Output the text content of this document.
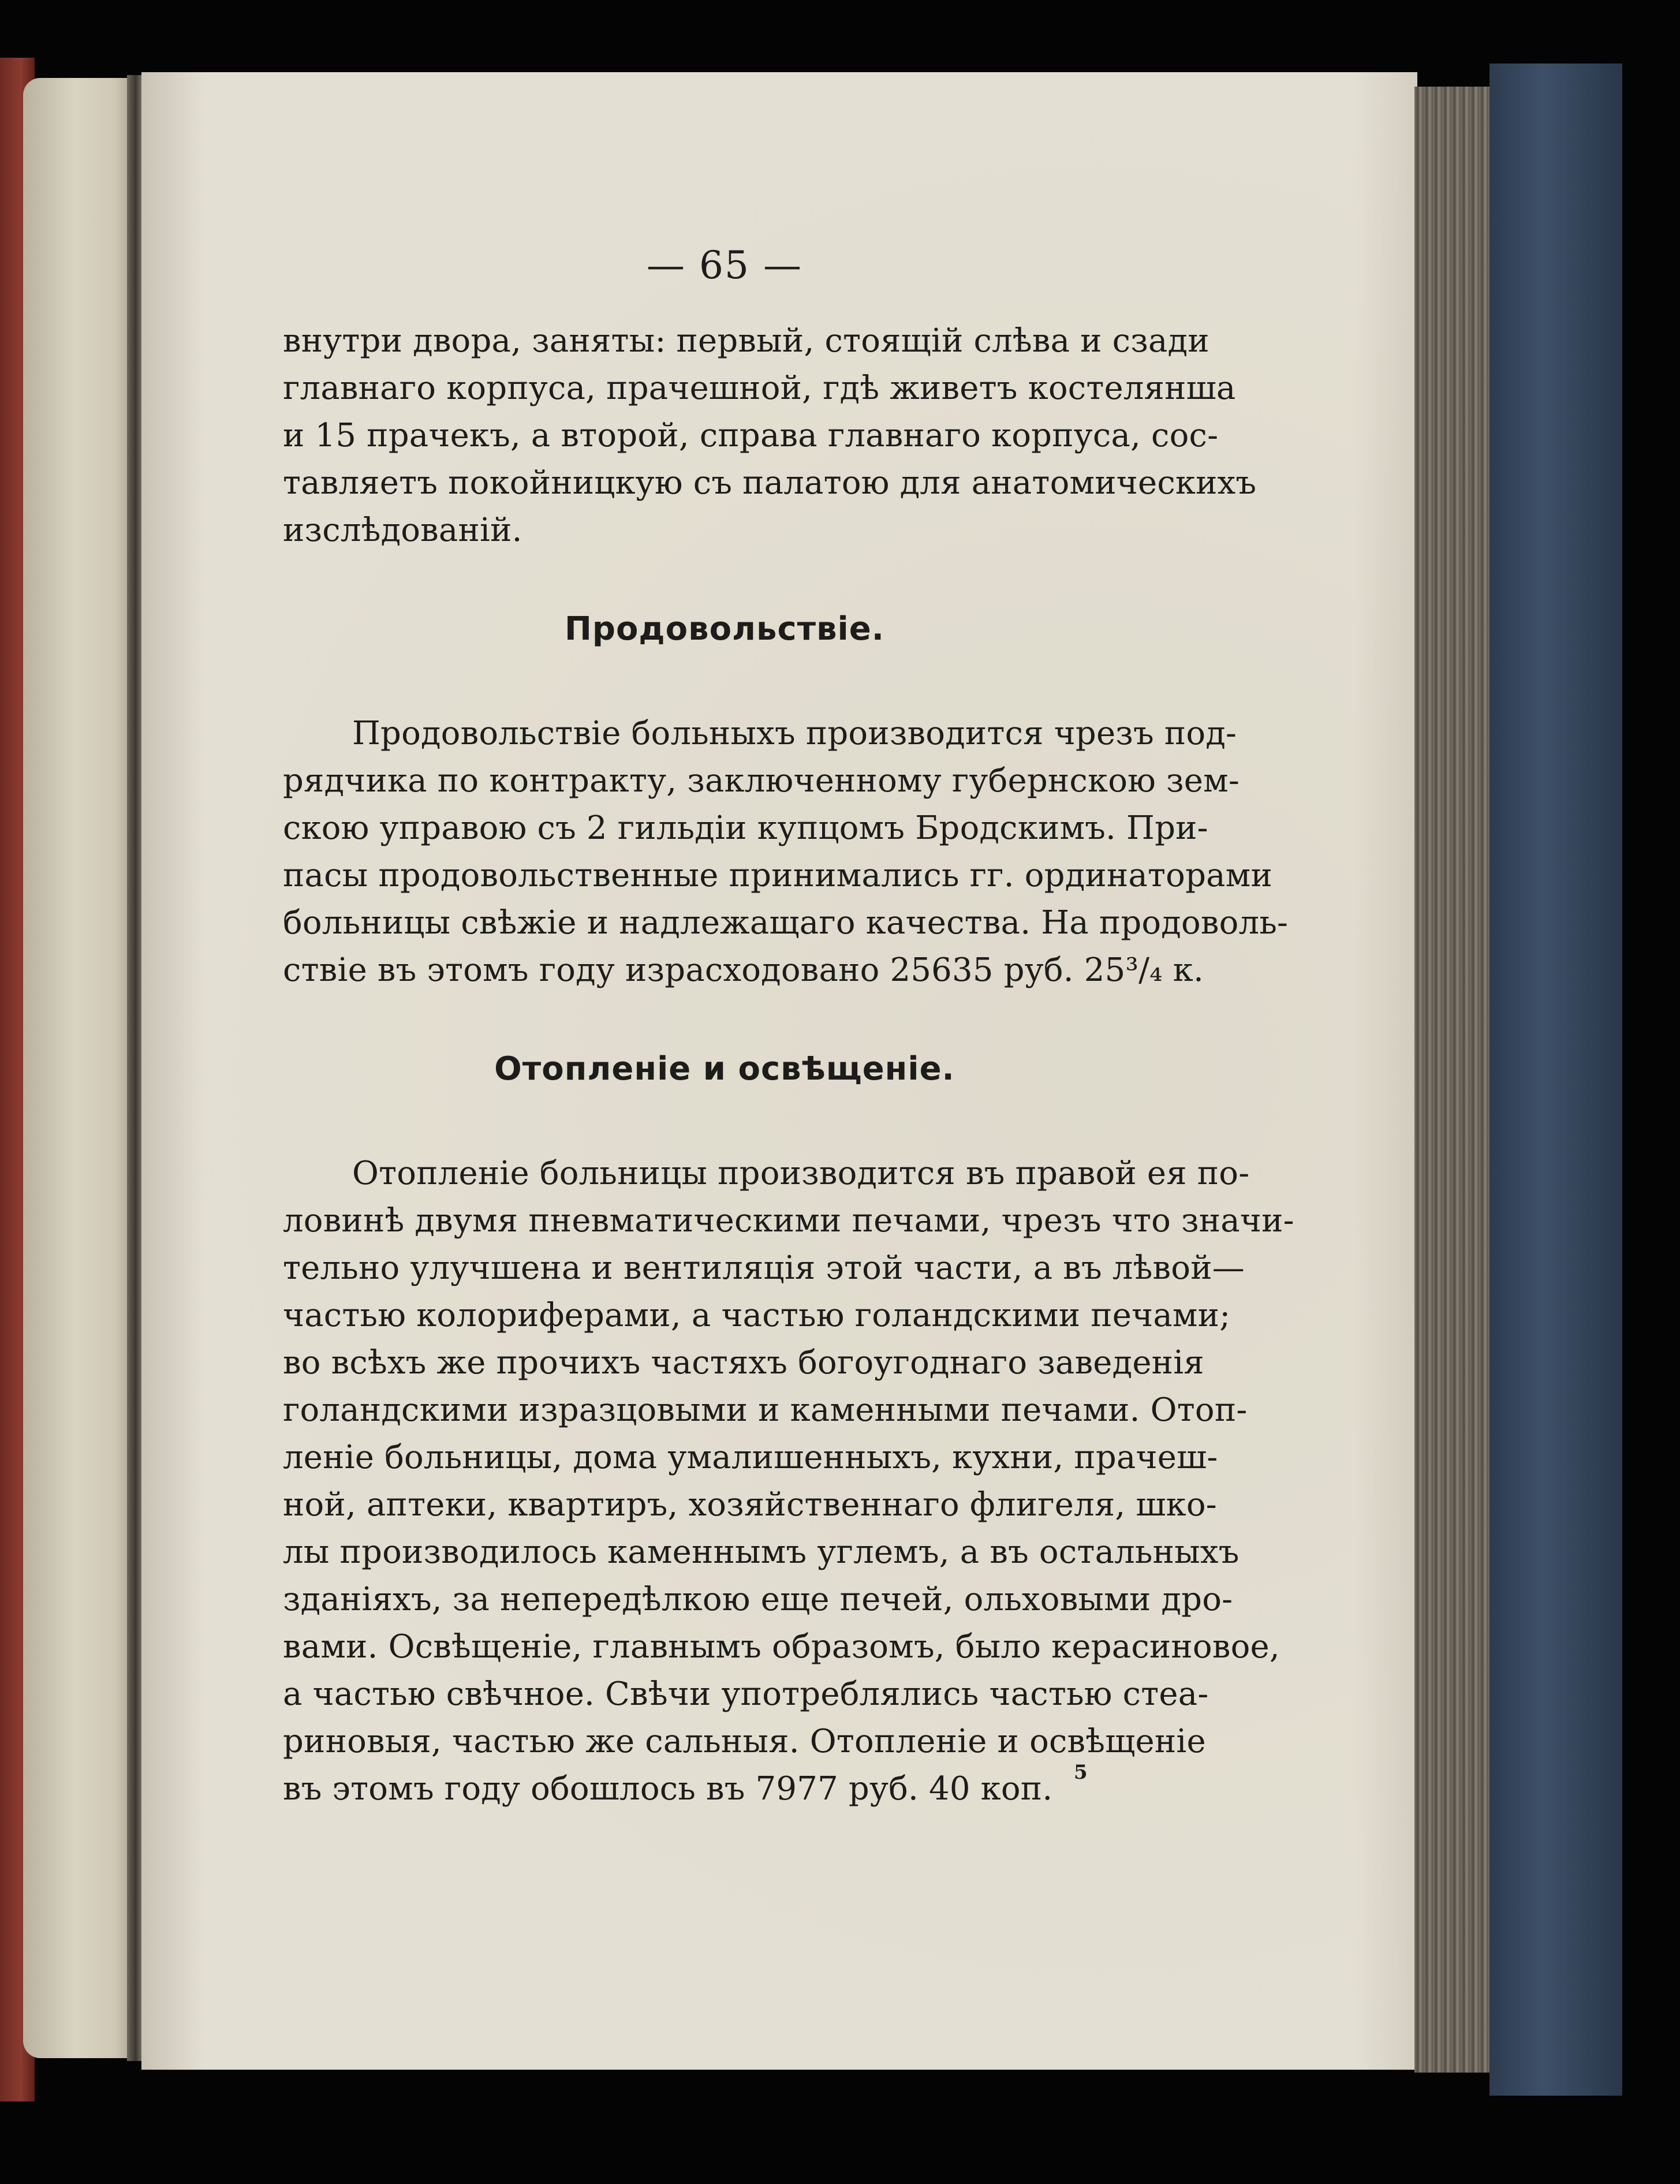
— 65 —

внутри двора, заняты: первый, стоящій слѣва и сзади
главнаго корпуса, прачешной, гдѣ живетъ костелянша
и 15 прачекъ, а второй, справа главнаго корпуса, сос-
тавляетъ покойницкую съ палатою для анатомическихъ
изслѣдованій.

Продовольствіе.

Продовольствіе больныхъ производится чрезъ под-
рядчика по контракту, заключенному губернскою зем-
скою управою съ 2 гильдіи купцомъ Бродскимъ. При-
пасы продовольственные принимались гг. ординаторами
больницы свѣжіе и надлежащаго качества. На продоволь-
ствіе въ этомъ году израсходовано 25635 руб. 25³/₄ к.

Отопленіе и освѣщеніе.

Отопленіе больницы производится въ правой ея по-
ловинѣ двумя пневматическими печами, чрезъ что значи-
тельно улучшена и вентиляція этой части, а въ лѣвой—
частью колориферами, а частью голандскими печами;
во всѣхъ же прочихъ частяхъ богоугоднаго заведенія
голандскими изразцовыми и каменными печами. Отоп-
леніе больницы, дома умалишенныхъ, кухни, прачеш-
ной, аптеки, квартиръ, хозяйственнаго флигеля, шко-
лы производилось каменнымъ углемъ, а въ остальныхъ
зданіяхъ, за непередѣлкою еще печей, ольховыми дро-
вами. Освѣщеніе, главнымъ образомъ, было керасиновое,
а частью свѣчное. Свѣчи употреблялись частью стеа-
риновыя, частью же сальныя. Отопленіе и освѣщеніе
въ этомъ году обошлось въ 7977 руб. 40 коп.	5
